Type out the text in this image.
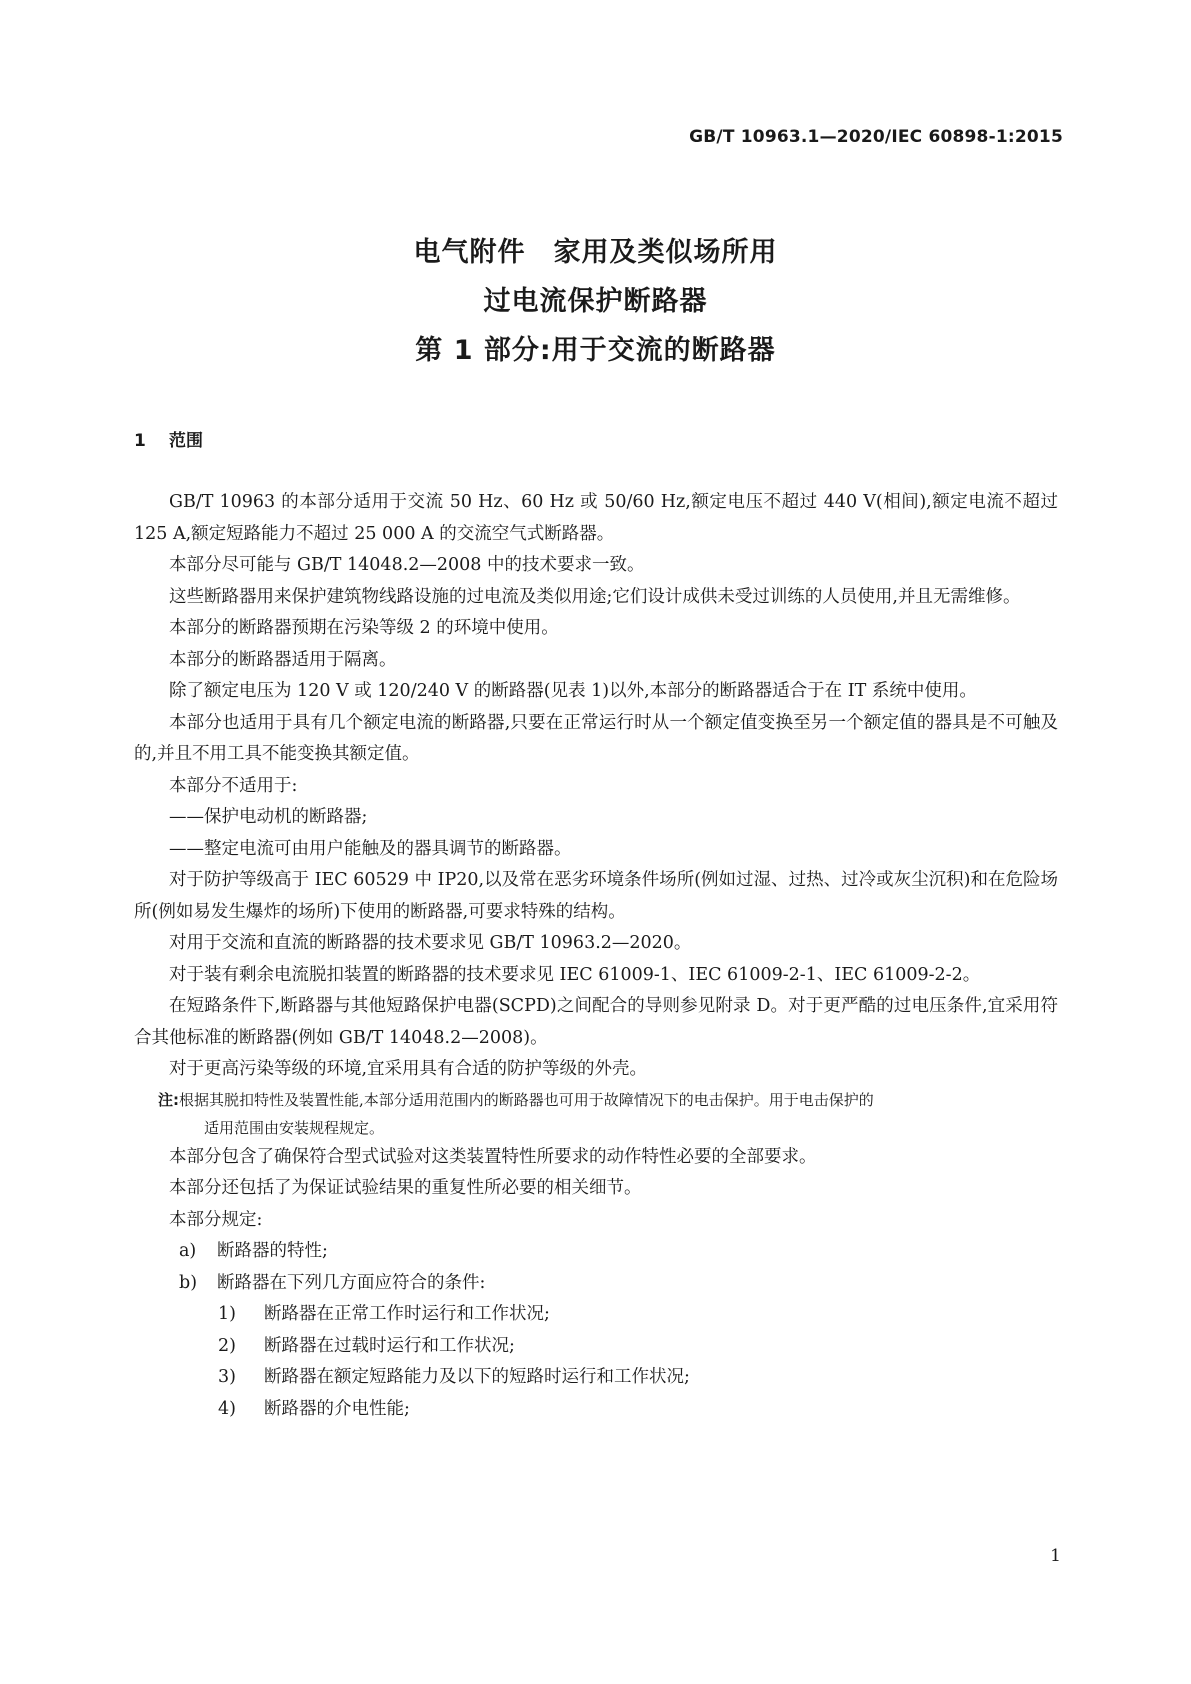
GB/T 10963.1—2020/IEC 60898-1:2015
电气附件　家用及类似场所用
过电流保护断路器
第 1 部分:用于交流的断路器
1 范围

GB/T 10963 的本部分适用于交流 50 Hz、60 Hz 或 50/60 Hz,额定电压不超过 440 V(相间),额定电流不超过 125 A,额定短路能力不超过 25 000 A 的交流空气式断路器。

本部分尽可能与 GB/T 14048.2—2008 中的技术要求一致。

这些断路器用来保护建筑物线路设施的过电流及类似用途;它们设计成供未受过训练的人员使用,并且无需维修。

本部分的断路器预期在污染等级 2 的环境中使用。

本部分的断路器适用于隔离。

除了额定电压为 120 V 或 120/240 V 的断路器(见表 1)以外,本部分的断路器适合于在 IT 系统中使用。

本部分也适用于具有几个额定电流的断路器,只要在正常运行时从一个额定值变换至另一个额定值的器具是不可触及的,并且不用工具不能变换其额定值。

本部分不适用于:

——保护电动机的断路器;

——整定电流可由用户能触及的器具调节的断路器。

对于防护等级高于 IEC 60529 中 IP20,以及常在恶劣环境条件场所(例如过湿、过热、过冷或灰尘沉积)和在危险场所(例如易发生爆炸的场所)下使用的断路器,可要求特殊的结构。

对用于交流和直流的断路器的技术要求见 GB/T 10963.2—2020。

对于装有剩余电流脱扣装置的断路器的技术要求见 IEC 61009-1、IEC 61009-2-1、IEC 61009-2-2。

在短路条件下,断路器与其他短路保护电器(SCPD)之间配合的导则参见附录 D。对于更严酷的过电压条件,宜采用符合其他标准的断路器(例如 GB/T 14048.2—2008)。

对于更高污染等级的环境,宜采用具有合适的防护等级的外壳。

注:根据其脱扣特性及装置性能,本部分适用范围内的断路器也可用于故障情况下的电击保护。用于电击保护的
适用范围由安装规程规定。

本部分包含了确保符合型式试验对这类装置特性所要求的动作特性必要的全部要求。

本部分还包括了为保证试验结果的重复性所必要的相关细节。

本部分规定:

a) 断路器的特性;
b) 断路器在下列几方面应符合的条件:
1) 断路器在正常工作时运行和工作状况;
2) 断路器在过载时运行和工作状况;
3) 断路器在额定短路能力及以下的短路时运行和工作状况;
4) 断路器的介电性能;
1
